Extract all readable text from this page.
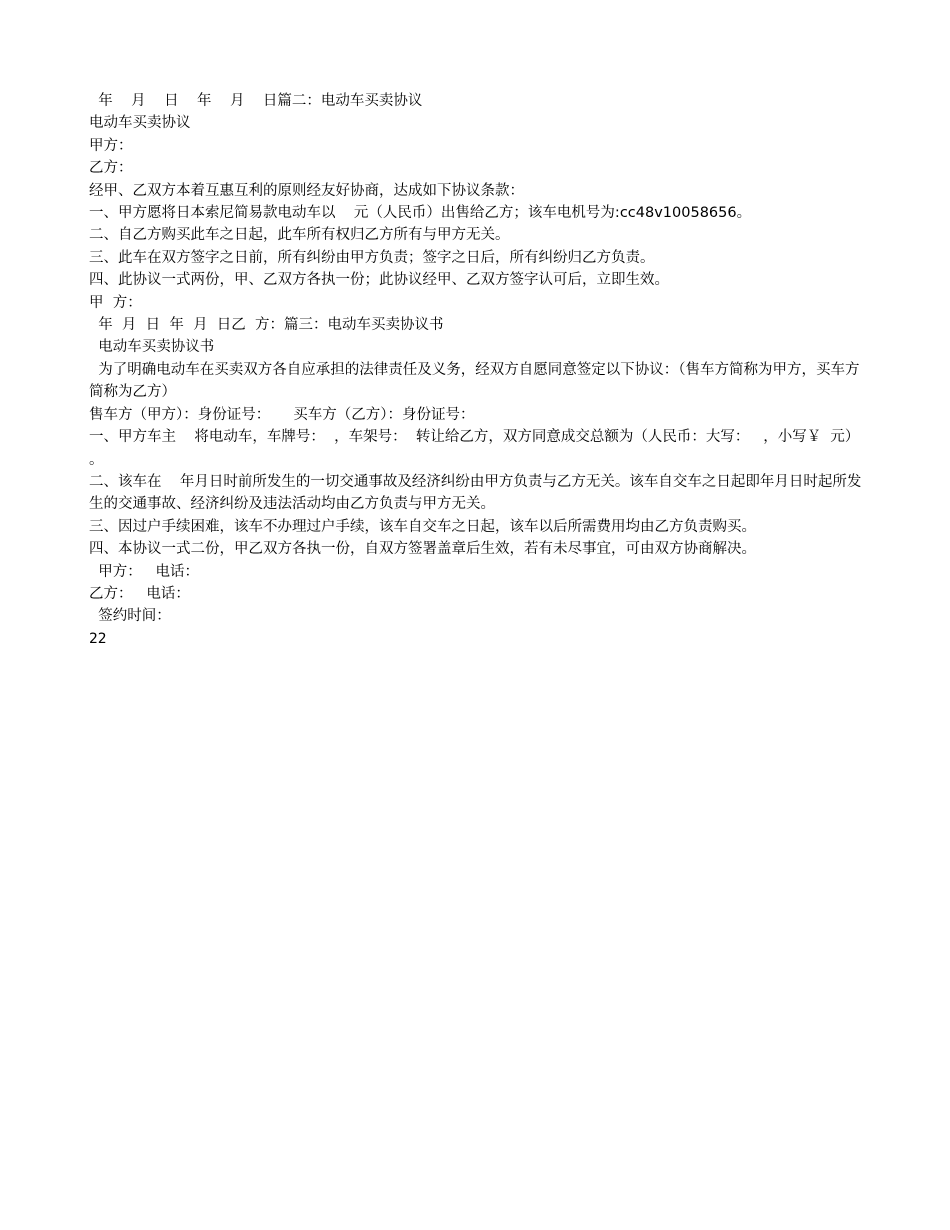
年    月    日    年    月    日篇二：电动车买卖协议

电动车买卖协议

甲方：

乙方：

经甲、乙双方本着互惠互利的原则经友好协商，达成如下协议条款：

一、甲方愿将日本索尼简易款电动车以    元（人民币）出售给乙方；该车电机号为:cc48v10058656。

二、自乙方购买此车之日起，此车所有权归乙方所有与甲方无关。

三、此车在双方签字之日前，所有纠纷由甲方负责；签字之日后，所有纠纷归乙方负责。

四、此协议一式两份，甲、乙双方各执一份；此协议经甲、乙双方签字认可后，立即生效。

甲  方：

年  月  日  年  月  日乙  方：篇三：电动车买卖协议书

电动车买卖协议书

为了明确电动车在买卖双方各自应承担的法律责任及义务，经双方自愿同意签定以下协议：（售车方简称为甲方，买车方简称为乙方）

售车方（甲方）：身份证号：     买车方（乙方）：身份证号：

一、甲方车主    将电动车，车牌号：  ，车架号：  转让给乙方，双方同意成交总额为（人民币：大写：   ，小写￥  元）  。

二、该车在    年月日时前所发生的一切交通事故及经济纠纷由甲方负责与乙方无关。该车自交车之日起即年月日时起所发生的交通事故、经济纠纷及违法活动均由乙方负责与甲方无关。

三、因过户手续困难，该车不办理过户手续，该车自交车之日起，该车以后所需费用均由乙方负责购买。

四、本协议一式二份，甲乙双方各执一份，自双方签署盖章后生效，若有未尽事宜，可由双方协商解决。

甲方：   电话：

乙方：   电话：

签约时间：

22
